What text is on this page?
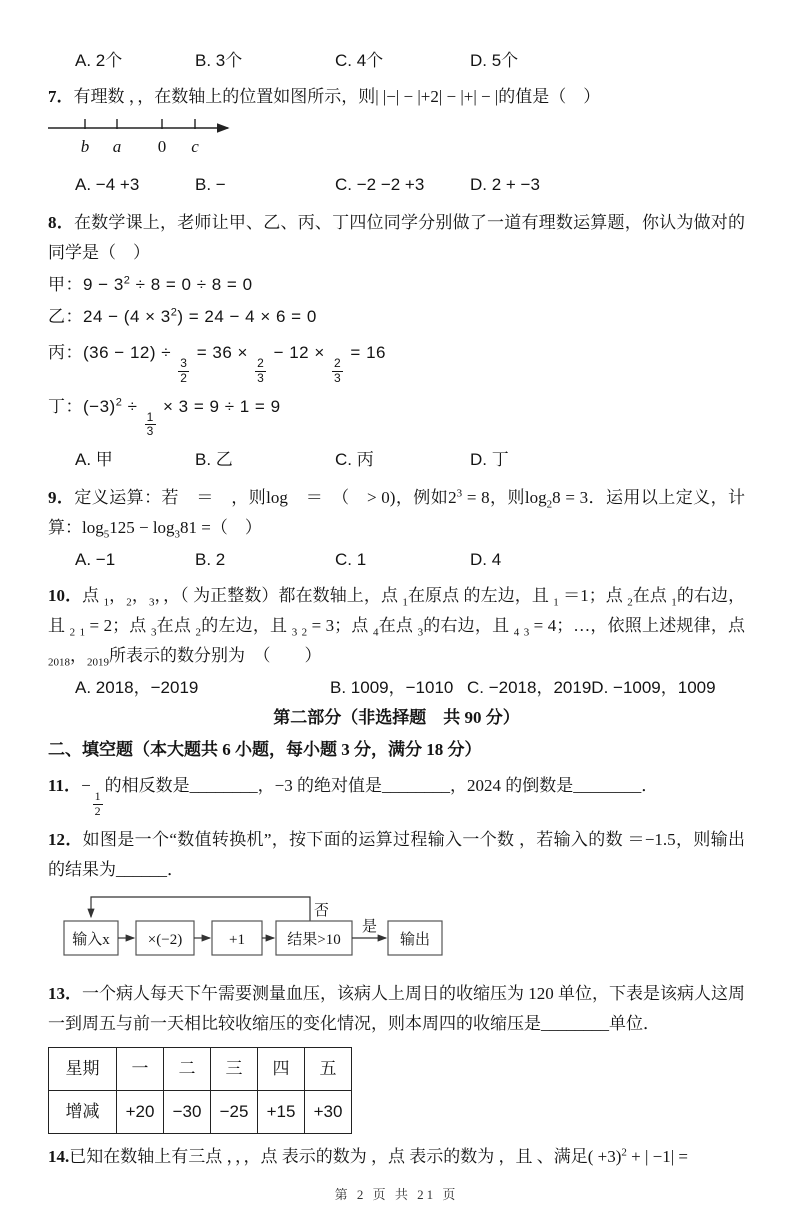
A. 2个	B. 3个	C. 4个	D. 5个

7．有理数 ，，在数轴上的位置如图所示，则| |−| − |+2| − |+| − |的值是（　）

b a 0 c
A. −4 +3	B. −	C. −2 −2 +3	D. 2 + −3

8．在数学课上，老师让甲、乙、丙、丁四位同学分别做了一道有理数运算题，你认为做对的同学是（　）

甲：$9 - 3^2 \div 8 = 0 \div 8 = 0$

乙：$24 - (4 \times 3^2) = 24 - 4 \times 6 = 0$

丙：(36 − 12) ÷
$\frac{3}{2}$
= 36 ×
$\frac{2}{3}$
− 12 ×
$\frac{2}{3}$
= 16

丁：$(-3)^2$ ÷
$\frac{1}{3}$
× 3 = 9 ÷ 1 = 9

A. 甲	B. 乙	C. 丙	D. 丁

9．定义运算：若　＝　，则log　＝　（　> 0)，例如$2^3 = 8$，则$\log_28 = 3$．运用以上定义，计算：$\log_5125 - \log_381$ =（　）

A. −1	B. 2	C. 1	D. 4

10．点 $_1$，$_2$，$_3$，，（ 为正整数）都在数轴上，点 $_1$在原点 的左边，且 $_1$ ＝1；点 $_2$在点 $_1$的右边，且 $_2$ $_1$ = 2；点 $_3$在点 $_2$的左边，且 $_3$ $_2$ = 3；点 $_4$在点 $_3$的右边，且 $_4$ $_3$ = 4；…，依照上述规律，点 $_{2018}$，$_{2019}$所表示的数分别为　（　　）

A. 2018，−2019	B. 1009，−1010 C. −2018，2019 D. −1009，1009

第二部分（非选择题　共 90 分）

二、填空题（本大题共 6 小题，每小题 3 分，满分 18 分）

11．−
$\frac{1}{2}$
的相反数是________，−3 的绝对值是________，2024 的倒数是________．

12．如图是一个“数值转换机”，按下面的运算过程输入一个数 ，若输入的数 ＝−1.5，则输出的结果为______．

输入x	×(−2)	+1	结果>10	输出
否
是

13．一个病人每天下午需要测量血压，该病人上周日的收缩压为 120 单位，下表是该病人这周一到周五与前一天相比较收缩压的变化情况，则本周四的收缩压是________单位．

星期	一	二	三	四	五
增减	+20	−30	−25	+15	+30

14.已知在数轴上有三点 ，，，点 表示的数为 ，点 表示的数为 ，且 、满足( +3)$^2$ + | −1| =

第 2 页 共 21 页
